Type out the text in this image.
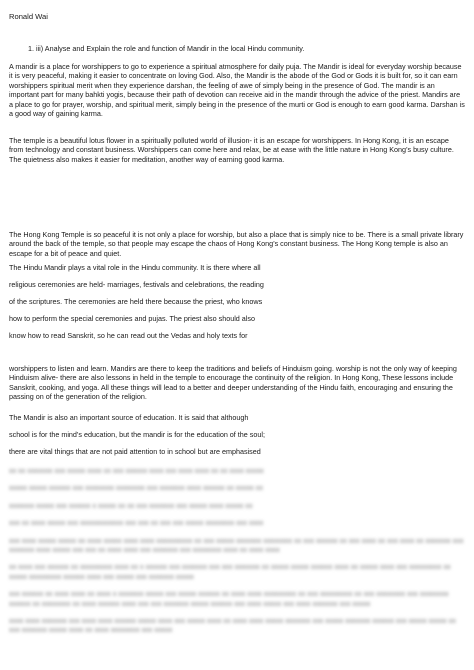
Ronald Wai

1. iii) Analyse and Explain the role and function of Mandir in the local Hindu community.

A mandir is a place for worshippers to go to experience a spiritual atmosphere for daily puja. The Mandir is ideal for everyday worship because it is very peaceful, making it easier to concentrate on loving God. Also, the Mandir is the abode of the God or Gods it is built for, so it can earn worshippers spiritual merit when they experience darshan, the feeling of awe of simply being in the presence of God. The mandir is an important part for many bahkti yogis, because their path of devotion can receive aid in the mandir through the advice of the priest. Mandirs are a place to go for prayer, worship, and spiritual merit, simply being in the presence of the murti or God is enough to earn good karma. Darshan is a good way of gaining karma.

The temple is a beautiful lotus flower in a spiritually polluted world of illusion- it is an escape for worshippers. In Hong Kong, it is an escape from technology and constant business. Worshippers can come here and relax, be at ease with the little nature in Hong Kong’s busy culture. The quietness also makes it easier for meditation, another way of earning good karma.

The Hong Kong Temple is so peaceful it is not only a place for worship, but also a place that is simply nice to be. There is a small private library around the back of the temple, so that people may escape the chaos of Hong Kong’s constant business. The Hong Kong temple is also an escape for a bit of peace and quiet.

The Hindu Mandir plays a vital role in the Hindu community. It is there where all

religious ceremonies are held- marriages, festivals and celebrations, the reading

of the scriptures. The ceremonies are held there because the priest, who knows

how to perform the special ceremonies and pujas. The priest also should also

know how to read Sanskrit, so he can read out the Vedas and holy texts for

worshippers to listen and learn. Mandirs are there to keep the traditions and beliefs of Hinduism going. worship is not the only way of keeping Hinduism alive- there are also lessons in held in the temple to encourage the continuity of the religion. In Hong Kong, These lessons include Sanskrit, cooking, and yoga. All these things will lead to a better and deeper understanding of the Hindu faith, encouraging and ensuring the passing on of the generation of the religion.

The Mandir is also an important source of education. It is said that although

school is for the mind’s education, but the mandir is for the education of the soul;

there are vital things that are not paid attention to in school but are emphasised

xx xx xxxxxxx xxx xxxxx xxxx xx xxx xxxxxx xxxx xxx xxxx xxxx xx xx xxxx xxxxx

xxxxx xxxxx xxxxxx xxx xxxxxxxx xxxxxxxx xxx xxxxxxx xxxx xxxxxx xx xxxxx xx

xxxxxxx xxxxx xxx xxxxxx x xxxxx xx xx xxx xxxxxxx xxx xxxxx xxxx xxxxx xx

xxx xx xxxx xxxxx xxx xxxxxxxxxxxx xxx xxx xx xxx xxx xxxxx xxxxxxxx xxx xxxx

xxx xxxx xxxxx xxxxx xx xxxx xxxxx xxxx xxxx xxxxxxxxxx xx xxx xxxxx xxxxxxx xxxxxxxx xx xxx xxxxxx xx xxx xxxx xx xxx xxxx xx xxxxxxx xxx xxxxxxx xxxx xxxxx xxx xxx xx xxxx xxxx xxx xxxxxxx xxx xxxxxxxx xxxx xx xxxx xxxx

xx xxxx xxx xxxxxx xx xxxxxxxxx xxxx xx x xxxxxx xxx xxxxxxx xxx xxx xxxxxxx xx xxxxx xxxxx xxxxxx xxxx xx xxxxx xxxx xxx xxxxxxxxx xx xxxxx xxxxxxxxx xxxxxx xxxx xxx xxxxx xxx xxxxxxx xxxxx

xxx xxxxxx xx xxxx xxxx xx xxxx x xxxxxxx xxxxx xxx xxxxx xxxxxx xx xxxx xxxx xxxxxxxxx xx xxx xxxxxxxxx xx xxx xxxxxxxx xxx xxxxxxxx xxxxxx xx xxxxxxxx xx xxxx xxxxxx xxxx xxx xxx xxxxxxx xxxxx xxxxxx xxx xxxx xxxxx xxx xxxx xxxxxxx xxx xxxxx

xxxx xxxx xxxxxxx xxx xxxx xxxx xxxxxx xxxxx xxxx xxx xxxxx xxxx xx xxxx xxxx xxxxx xxxxxxx xxx xxxxx xxxxxxx xxxxxx xxx xxxxx xxxxx xx xxx xxxxxxx xxxxx xxxx xx xxxx xxxxxxxx xxx xxxxx
